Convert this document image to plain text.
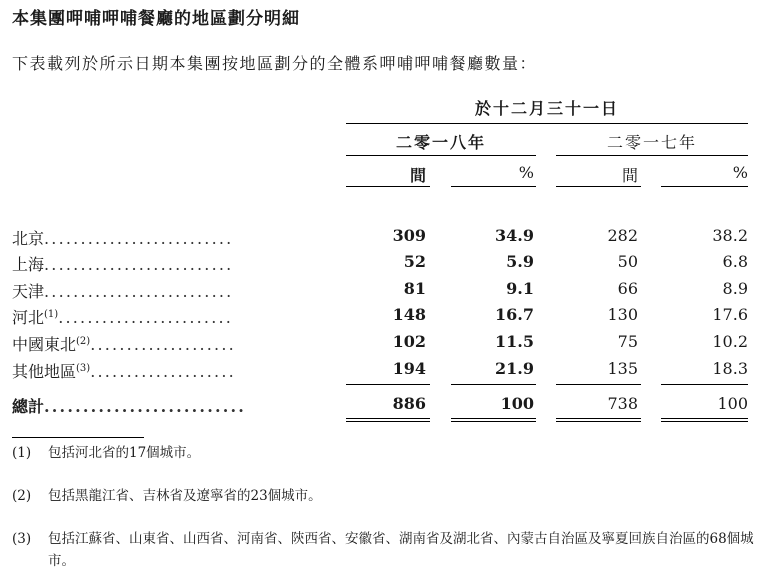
本集團呷哺呷哺餐廳的地區劃分明細
下表載列於所示日期本集團按地區劃分的全體系呷哺呷哺餐廳數量：
於十二月三十一日
二零一八年	二零一七年
間	%	間	%
北京..........................	309	34.9	282	38.2
上海..........................	52	5.9	50	6.8
天津..........................	81	9.1	66	8.9
河北$^{(1)}$........................	148	16.7	130	17.6
中國東北$^{(2)}$....................	102	11.5	75	10.2
其他地區$^{(3)}$....................	194	21.9	135	18.3
總計..........................	886	100	738	100
(1) 包括河北省的17個城市。
(2) 包括黑龍江省、吉林省及遼寧省的23個城市。
(3) 包括江蘇省、山東省、山西省、河南省、陝西省、安徽省、湖南省及湖北省、內蒙古自治區及寧夏回族自治區的68個城市。
